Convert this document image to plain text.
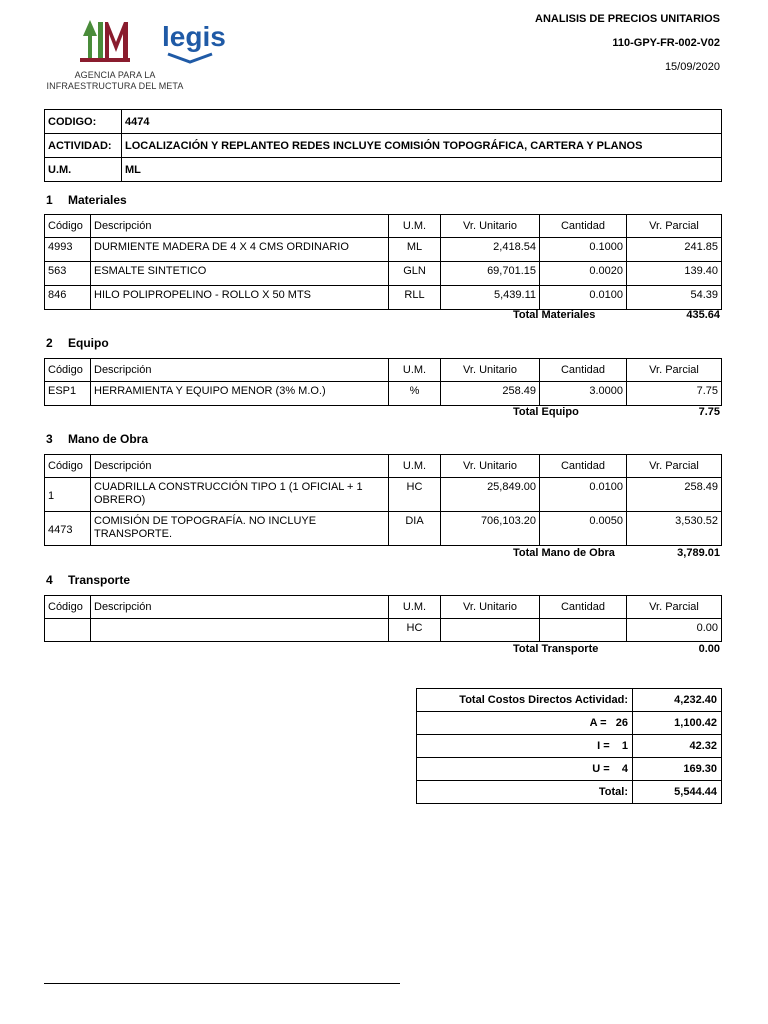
legis
AGENCIA PARA LA
INFRAESTRUCTURA DEL META
ANALISIS DE PRECIOS UNITARIOS
110-GPY-FR-002-V02
15/09/2020
CODIGO:	4474
ACTIVIDAD:	LOCALIZACIÓN Y REPLANTEO REDES INCLUYE COMISIÓN TOPOGRÁFICA, CARTERA Y PLANOS
U.M.	ML
1 Materiales
Código	Descripción	U.M.	Vr. Unitario	Cantidad	Vr. Parcial
4993	DURMIENTE MADERA DE 4 X 4 CMS ORDINARIO	ML	2,418.54	0.1000	241.85
563	ESMALTE SINTETICO	GLN	69,701.15	0.0020	139.40
846	HILO POLIPROPELINO - ROLLO X 50 MTS	RLL	5,439.11	0.0100	54.39
Total Materiales	435.64
2 Equipo
Código	Descripción	U.M.	Vr. Unitario	Cantidad	Vr. Parcial
ESP1	HERRAMIENTA Y EQUIPO MENOR (3% M.O.)	%	258.49	3.0000	7.75
Total Equipo	7.75
3 Mano de Obra
Código	Descripción	U.M.	Vr. Unitario	Cantidad	Vr. Parcial
1	CUADRILLA CONSTRUCCIÓN TIPO 1 (1 OFICIAL + 1 OBRERO)	HC	25,849.00	0.0100	258.49
4473	COMISIÓN DE TOPOGRAFÍA. NO INCLUYE TRANSPORTE.	DIA	706,103.20	0.0050	3,530.52
Total Mano de Obra	3,789.01
4 Transporte
Código	Descripción	U.M.	Vr. Unitario	Cantidad	Vr. Parcial
		HC			0.00
Total Transporte	0.00
Total Costos Directos Actividad:	4,232.40
A =   26	1,100.42
I =    1	42.32
U =    4	169.30
Total:	5,544.44
